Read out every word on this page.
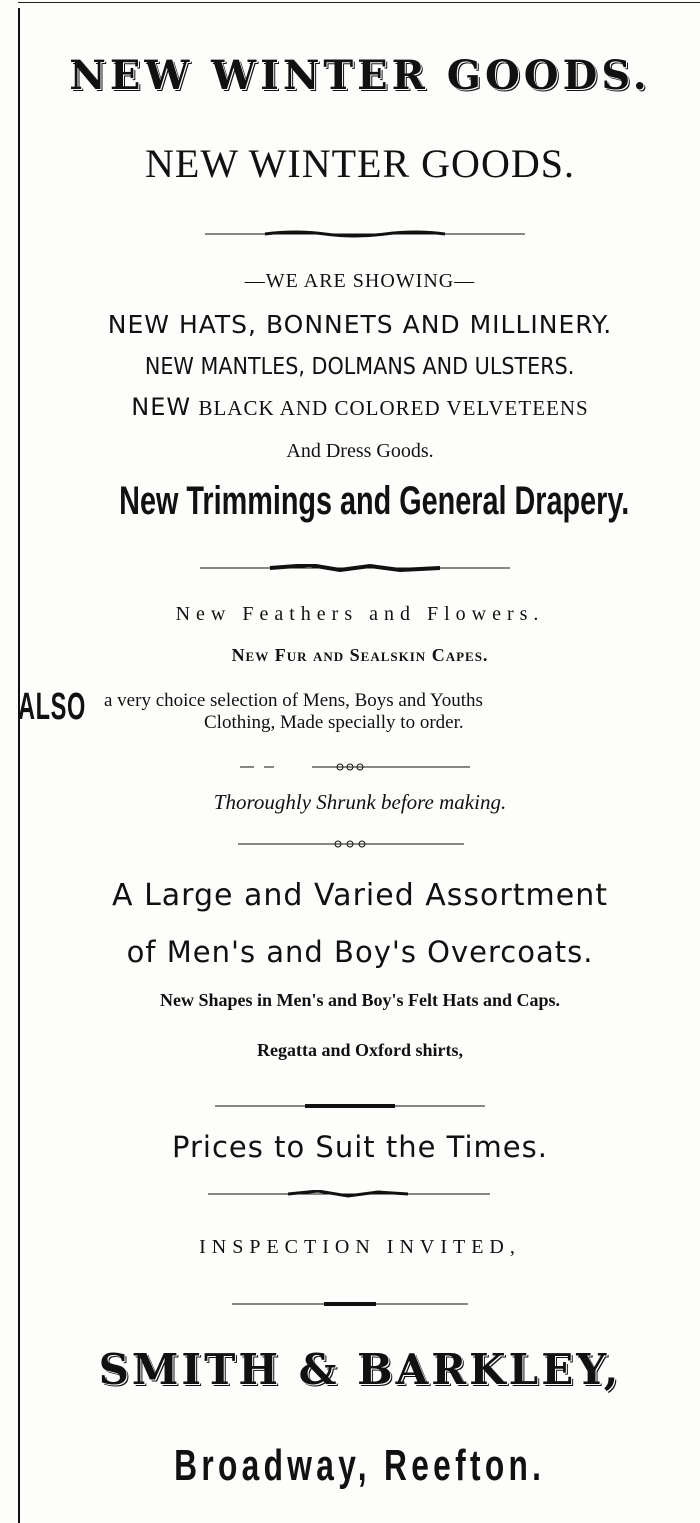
NEW WINTER GOODS.
NEW WINTER GOODS.
—WE ARE SHOWING—
NEW HATS, BONNETS AND MILLINERY.
NEW MANTLES, DOLMANS AND ULSTERS.
NEW BLACK AND COLORED VELVETEENS
And Dress Goods.
New Trimmings and General Drapery.
New Feathers and Flowers.
New Fur and Sealskin Capes.
ALSO a very choice selection of Mens, Boys and Youths
Clothing, Made specially to order.
Thoroughly Shrunk before making.
A Large and Varied Assortment
of Men's and Boy's Overcoats.
New Shapes in Men's and Boy's Felt Hats and Caps.
Regatta and Oxford shirts,
Prices to Suit the Times.
INSPECTION INVITED,
SMITH & BARKLEY,
Broadway, Reefton.
